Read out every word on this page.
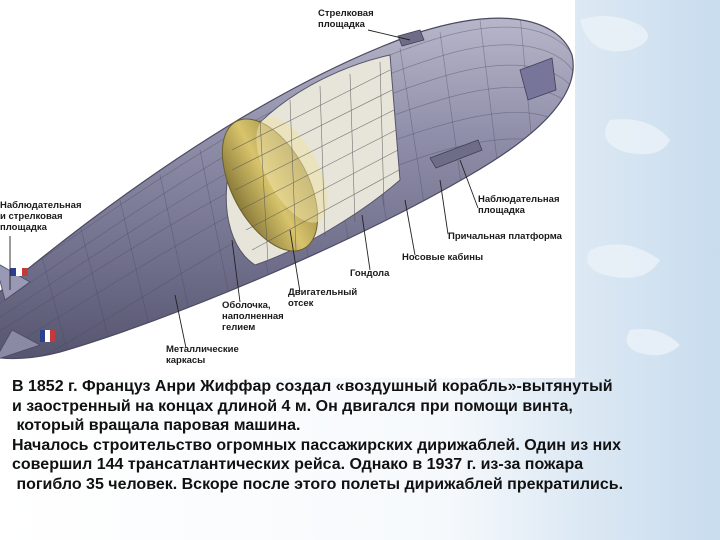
Стрелковая
площадка
Наблюдательная
и стрелковая
площадка
Наблюдательная
площадка
Причальная платформа
Носовые кабины
Гондола
Двигательный
отсек
Оболочка,
наполненная
гелием
Металлические
каркасы
В 1852 г. Француз Анри Жиффар создал «воздушный корабль»-вытянутый
и заостренный на концах длиной 4 м. Он двигался при помощи винта,
который вращала паровая машина.
Началось строительство огромных пассажирских дирижаблей. Один из них
совершил 144 трансатлантических рейса. Однако в 1937 г. из-за пожара
погибло 35 человек. Вскоре после этого полеты дирижаблей прекратились.
